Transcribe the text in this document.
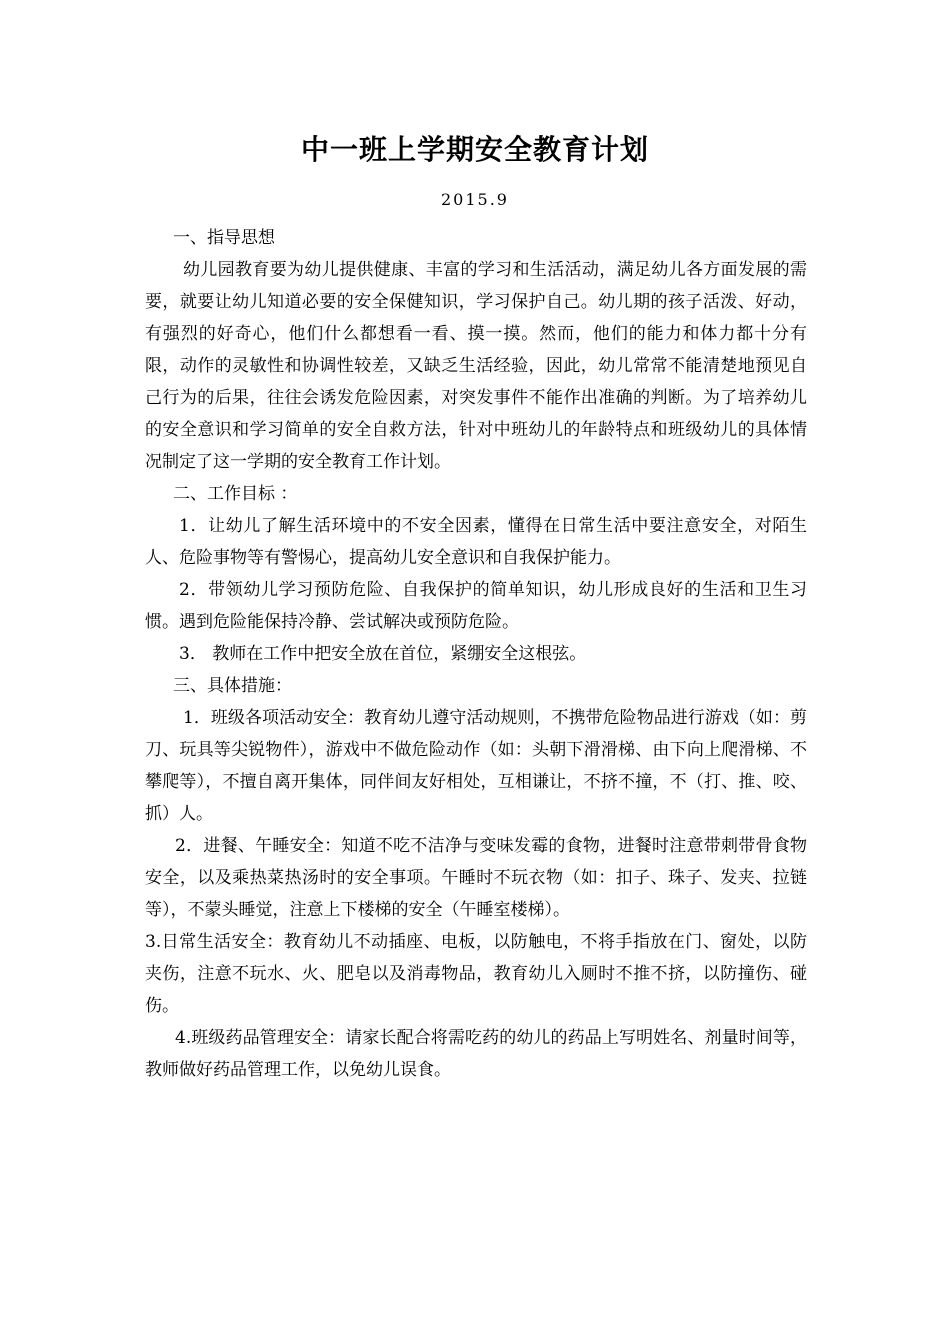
中一班上学期安全教育计划
2015.9

一、指导思想

幼儿园教育要为幼儿提供健康、丰富的学习和生活活动，满足幼儿各方面发展的需要，就要让幼儿知道必要的安全保健知识，学习保护自己。幼儿期的孩子活泼、好动，有强烈的好奇心，他们什么都想看一看、摸一摸。然而，他们的能力和体力都十分有限，动作的灵敏性和协调性较差，又缺乏生活经验，因此，幼儿常常不能清楚地预见自己行为的后果，往往会诱发危险因素，对突发事件不能作出准确的判断。为了培养幼儿的安全意识和学习简单的安全自救方法，针对中班幼儿的年龄特点和班级幼儿的具体情况制定了这一学期的安全教育工作计划。

二、工作目标 ：

1．让幼儿了解生活环境中的不安全因素，懂得在日常生活中要注意安全，对陌生人、危险事物等有警惕心，提高幼儿安全意识和自我保护能力。

2．带领幼儿学习预防危险、自我保护的简单知识，幼儿形成良好的生活和卫生习惯。遇到危险能保持冷静、尝试解决或预防危险。

3． 教师在工作中把安全放在首位，紧绷安全这根弦。

三、具体措施：

1．班级各项活动安全：教育幼儿遵守活动规则，不携带危险物品进行游戏（如：剪刀、玩具等尖锐物件），游戏中不做危险动作（如：头朝下滑滑梯、由下向上爬滑梯、不攀爬等），不擅自离开集体，同伴间友好相处，互相谦让，不挤不撞，不（打、推、咬、抓）人。

2．进餐、午睡安全：知道不吃不洁净与变味发霉的食物，进餐时注意带刺带骨食物安全，以及乘热菜热汤时的安全事项。午睡时不玩衣物（如：扣子、珠子、发夹、拉链等），不蒙头睡觉，注意上下楼梯的安全（午睡室楼梯）。

3.日常生活安全：教育幼儿不动插座、电板，以防触电，不将手指放在门、窗处，以防夹伤，注意不玩水、火、肥皂以及消毒物品，教育幼儿入厕时不推不挤，以防撞伤、碰伤。

4.班级药品管理安全：请家长配合将需吃药的幼儿的药品上写明姓名、剂量时间等，教师做好药品管理工作，以免幼儿误食。
